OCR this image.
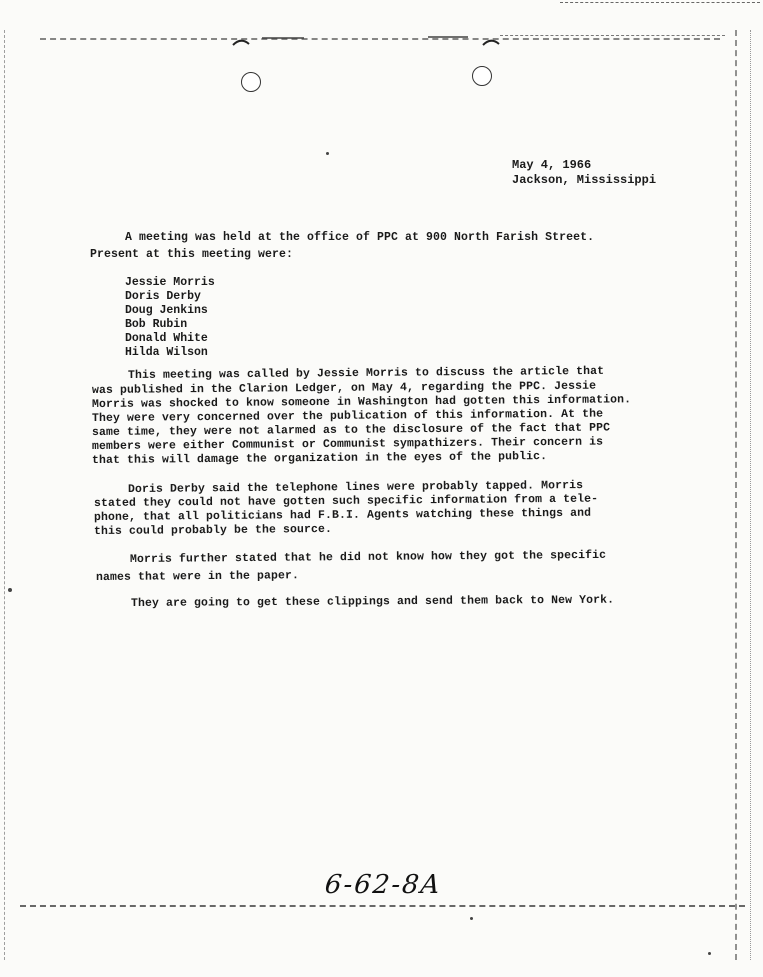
May 4, 1966
Jackson, Mississippi
A meeting was held at the office of PPC at 900 North Farish Street.
Present at this meeting were:
Jessie Morris
Doris Derby
Doug Jenkins
Bob Rubin
Donald White
Hilda Wilson
This meeting was called by Jessie Morris to discuss the article that
was published in the Clarion Ledger, on May 4, regarding the PPC. Jessie
Morris was shocked to know someone in Washington had gotten this information.
They were very concerned over the publication of this information. At the
same time, they were not alarmed as to the disclosure of the fact that PPC
members were either Communist or Communist sympathizers. Their concern is
that this will damage the organization in the eyes of the public.
Doris Derby said the telephone lines were probably tapped. Morris
stated they could not have gotten such specific information from a tele-
phone, that all politicians had F.B.I. Agents watching these things and
this could probably be the source.
Morris further stated that he did not know how they got the specific
names that were in the paper.
They are going to get these clippings and send them back to New York.
6-62-8A
